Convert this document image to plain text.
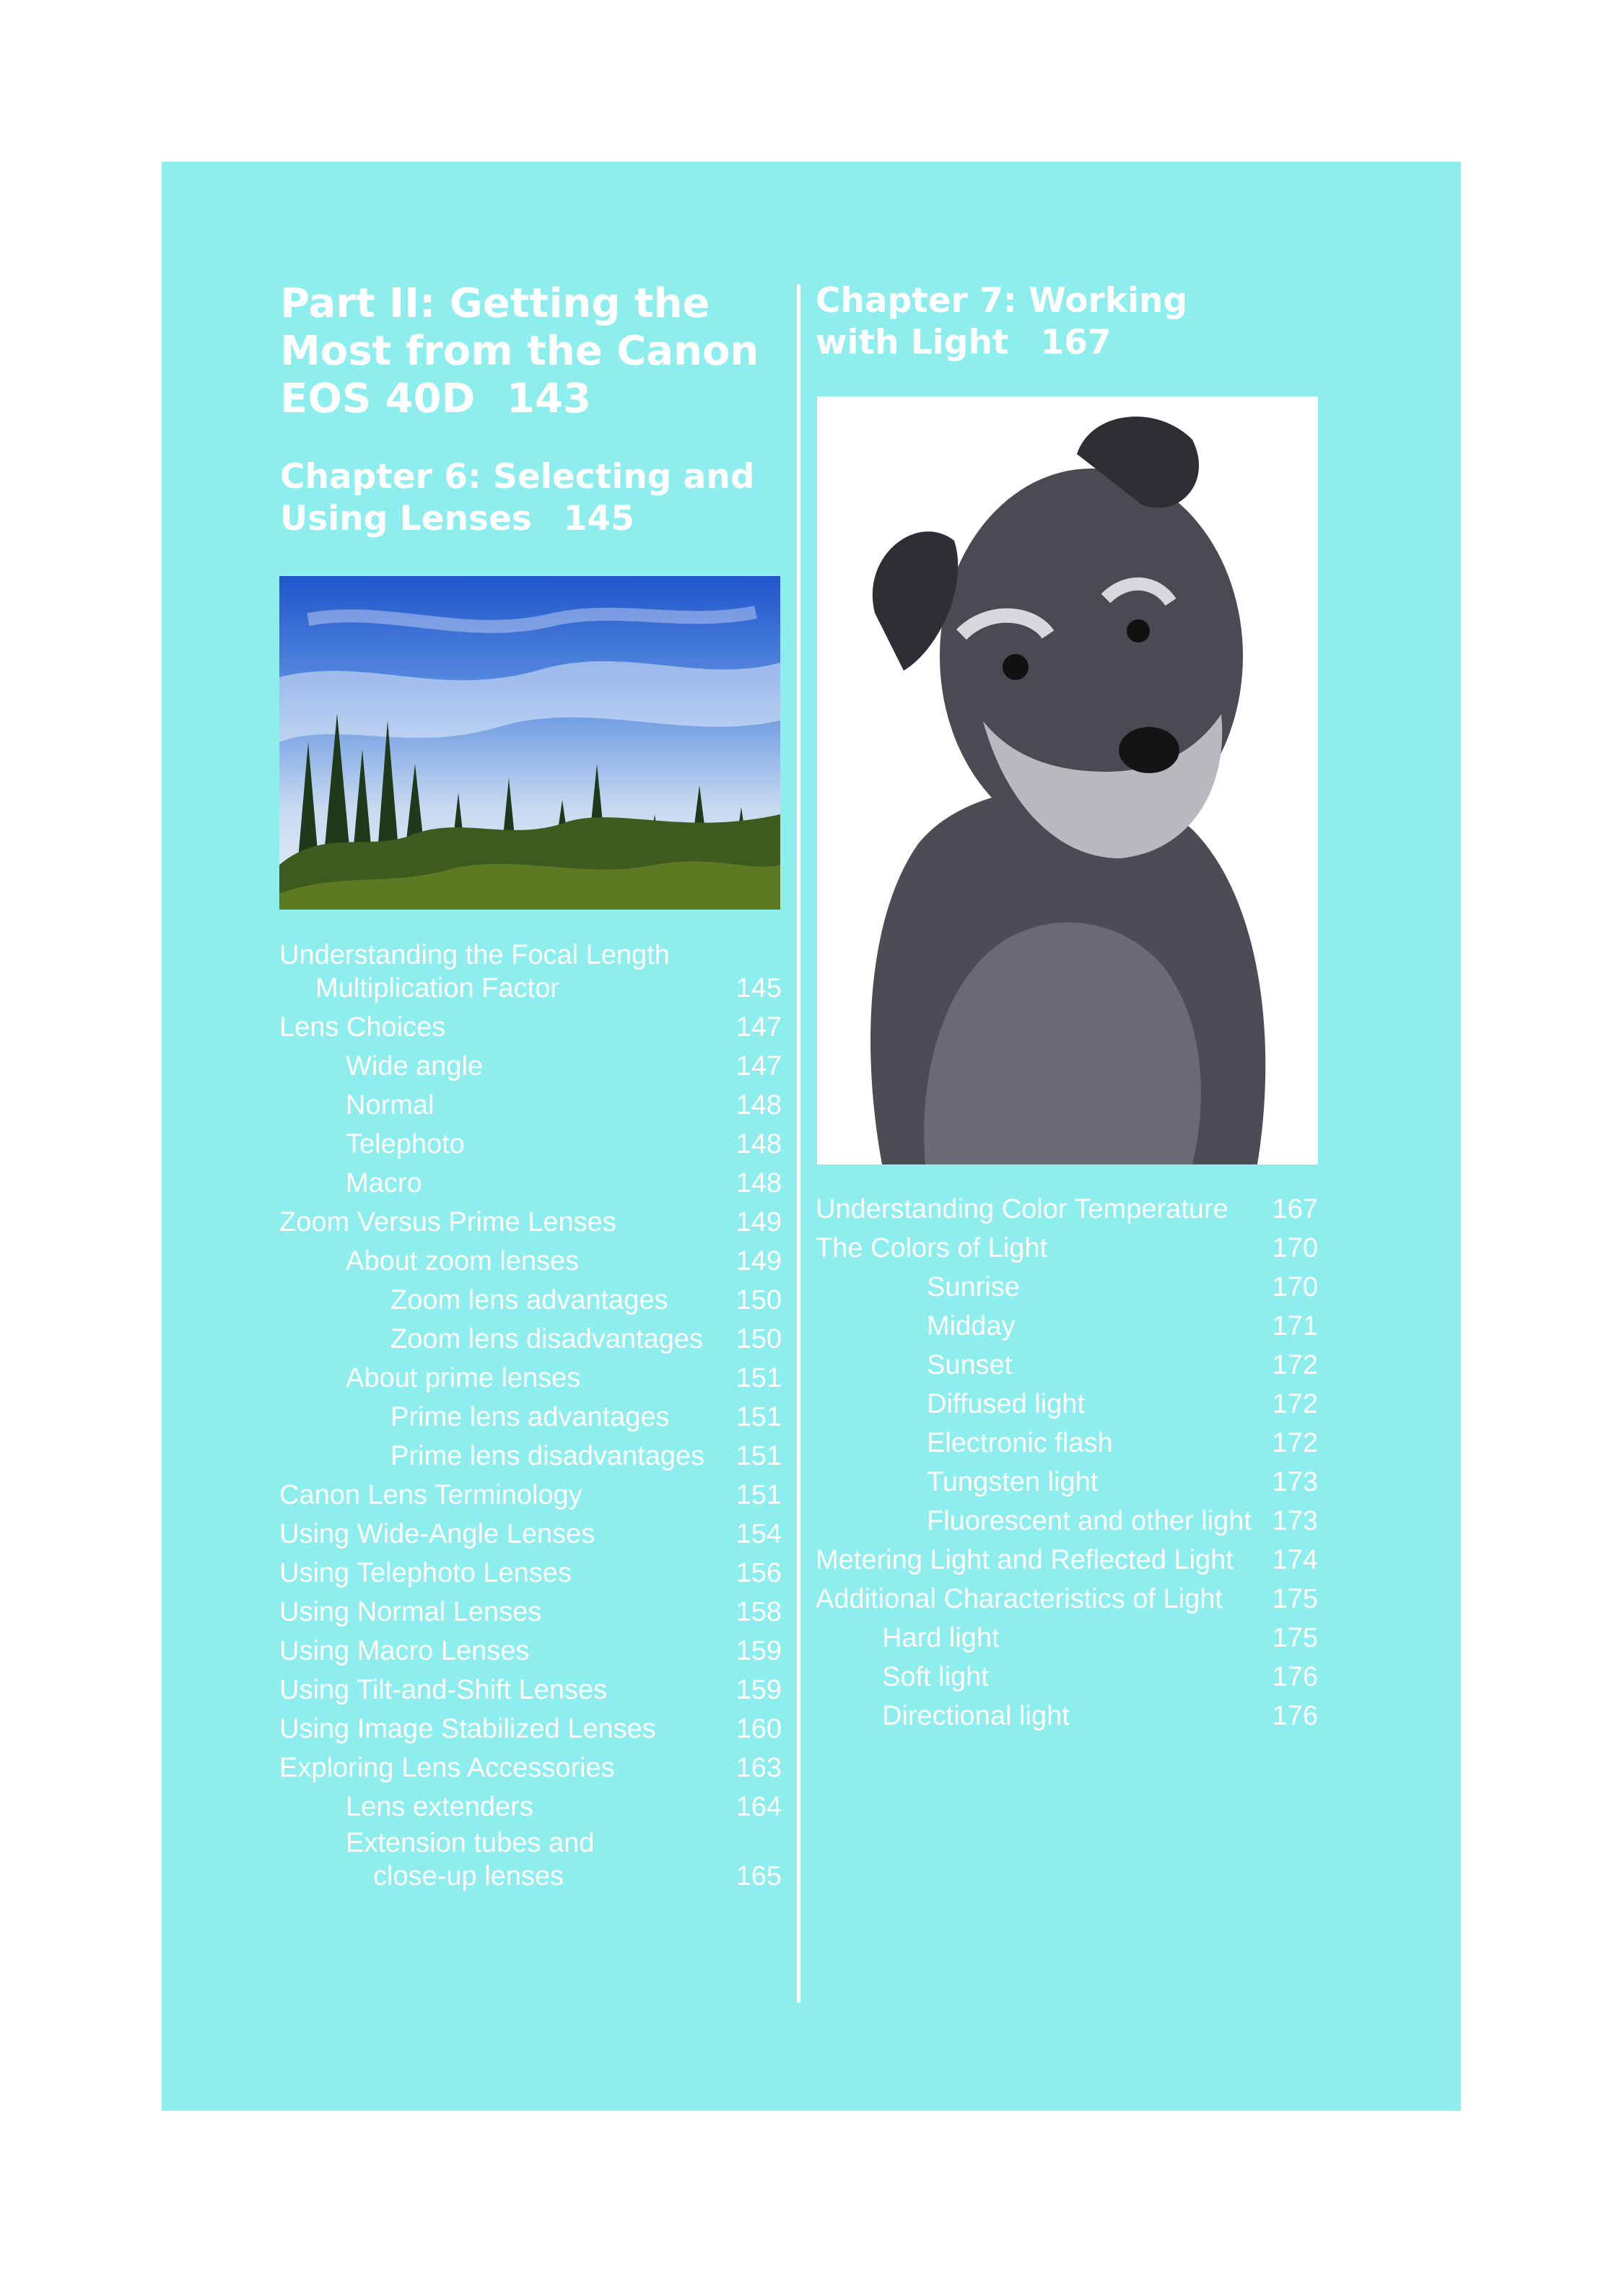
Part II: Getting the Most from the Canon EOS 40D 143
Chapter 6: Selecting and
Using Lenses 145
Chapter 7: Working
with Light 167
Understanding the Focal Length
Multiplication Factor	145
Lens Choices	147
Wide angle	147
Normal	148
Telephoto	148
Macro	148
Zoom Versus Prime Lenses	149
About zoom lenses	149
Zoom lens advantages 150
Zoom lens disadvantages 150
About prime lenses	151
Prime lens advantages 151
Prime lens disadvantages 151
Canon Lens Terminology	151
Using Wide-Angle Lenses	154
Using Telephoto Lenses	156
Using Normal Lenses	158
Using Macro Lenses	159
Using Tilt-and-Shift Lenses	159
Using Image Stabilized Lenses	160
Exploring Lens Accessories	163
Lens extenders	164
Extension tubes and
close-up lenses	165
Understanding Color Temperature 167
The Colors of Light	170
Sunrise	170
Midday	171
Sunset	172
Diffused light	172
Electronic flash	172
Tungsten light	173
Fluorescent and other light 173
Metering Light and Reflected Light 174
Additional Characteristics of Light 175
Hard light	175
Soft light	176
Directional light	176
